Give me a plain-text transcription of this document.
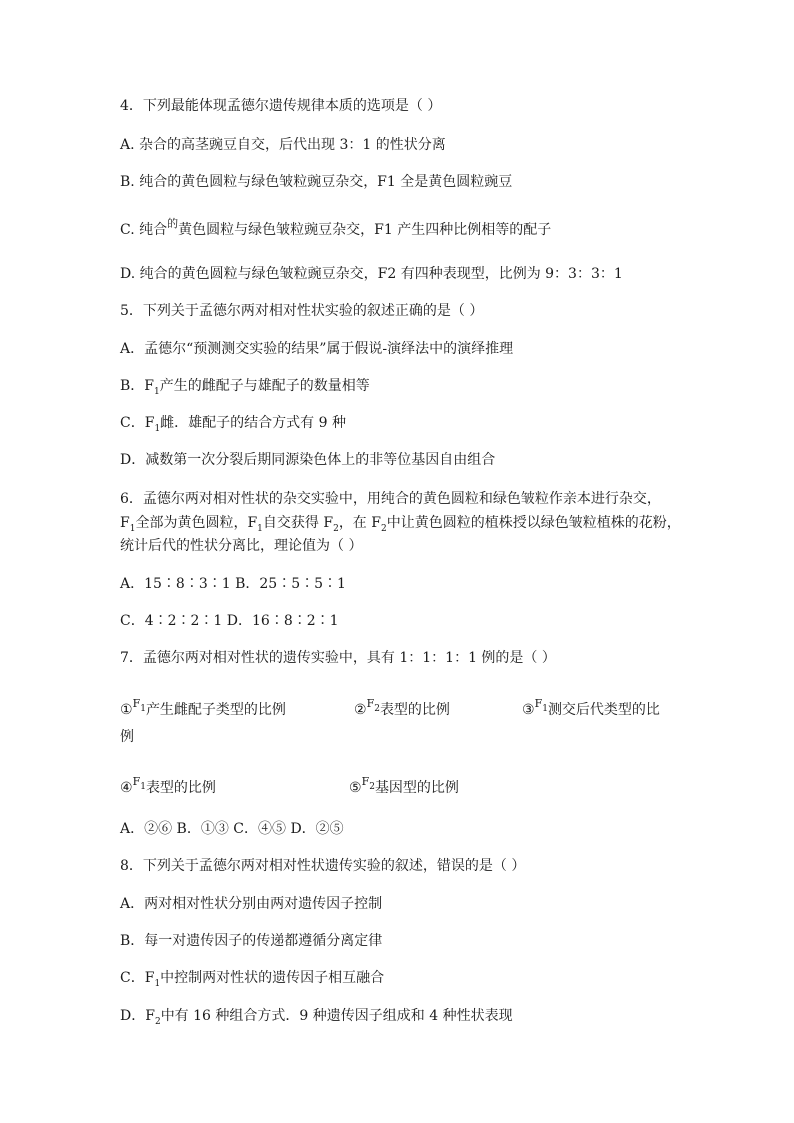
4．下列最能体现孟德尔遗传规律本质的选项是（ ）
A. 杂合的高茎豌豆自交，后代出现 3：1 的性状分离
B. 纯合的黄色圆粒与绿色皱粒豌豆杂交，F1 全是黄色圆粒豌豆
C. 纯合$^的$黄色圆粒与绿色皱粒豌豆杂交，F1 产生四种比例相等的配子
D. 纯合的黄色圆粒与绿色皱粒豌豆杂交，F2 有四种表现型，比例为 9：3：3：1
5．下列关于孟德尔两对相对性状实验的叙述正确的是（ ）
A．孟德尔“预测测交实验的结果”属于假说-演绎法中的演绎推理
B．$F_1$产生的雌配子与雄配子的数量相等
C．$F_1$雌．雄配子的结合方式有 9 种
D．减数第一次分裂后期同源染色体上的非等位基因自由组合
6．孟德尔两对相对性状的杂交实验中，用纯合的黄色圆粒和绿色皱粒作亲本进行杂交，
$F_1$全部为黄色圆粒，$F_1$自交获得 $F_2$，在 $F_2$中让黄色圆粒的植株授以绿色皱粒植株的花粉，
统计后代的性状分离比，理论值为（ ）
A．15∶8∶3∶1 B．25∶5∶5∶1
C．4∶2∶2∶1 D．16∶8∶2∶1
7．孟德尔两对相对性状的遗传实验中，具有 1：1：1：1 例的是（ ）
①$^{F1}$产生雌配子类型的比例	②$^{F2}$表型的比例	③$^{F1}$测交后代类型的比
例
④$^{F1}$表型的比例	⑤$^{F2}$基因型的比例
A．②⑥ B．①③ C．④⑤ D．②⑤
8．下列关于孟德尔两对相对性状遗传实验的叙述，错误的是（ ）
A．两对相对性状分别由两对遗传因子控制
B．每一对遗传因子的传递都遵循分离定律
C．$F_1$中控制两对性状的遗传因子相互融合
D．$F_2$中有 16 种组合方式．9 种遗传因子组成和 4 种性状表现
